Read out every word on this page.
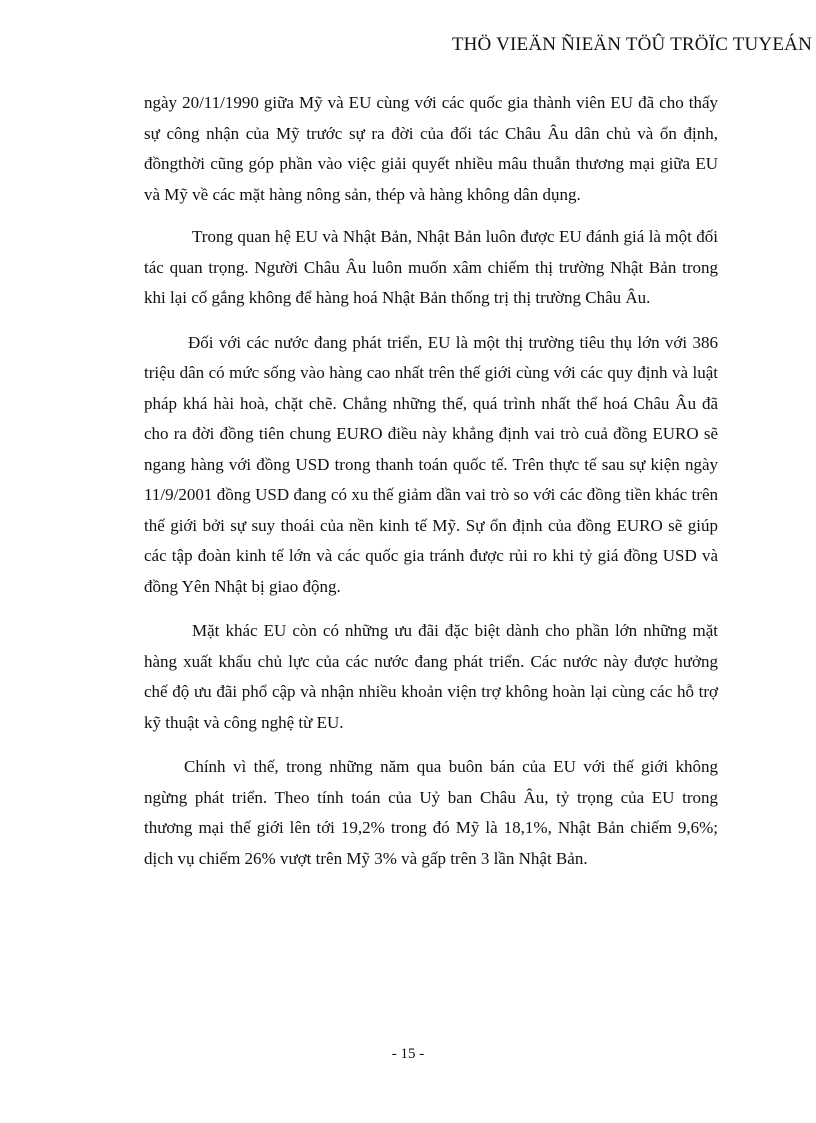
THÖ VIEÄN ÑIEÄN TÖÛ TRÖÏC TUYEÁN

ngày 20/11/1990 giữa Mỹ và EU cùng với các quốc gia thành viên EU đã cho thấy sự công nhận của Mỹ trước sự ra đời của đối tác Châu Âu dân chủ và ổn định, đồngthời cũng góp phần vào việc giải quyết nhiều mâu thuẫn thương mại giữa EU và Mỹ về các mặt hàng nông sản, thép và hàng không dân dụng.

Trong quan hệ EU và Nhật Bản, Nhật Bản luôn được EU đánh giá là một đối tác quan trọng. Người Châu Âu luôn muốn xâm chiếm thị trường Nhật Bản trong khi lại cố gắng không để hàng hoá Nhật Bản thống trị thị trường Châu Âu.

Đối với các nước đang phát triển, EU là một thị trường tiêu thụ lớn với 386 triệu dân có mức sống vào hàng cao nhất trên thế giới cùng với các quy định và luật pháp khá hài hoà, chặt chẽ. Chẳng những thế, quá trình nhất thể hoá Châu Âu đã cho ra đời đồng tiên chung EURO điều này khẳng định vai trò cuả đồng EURO sẽ ngang hàng với đồng USD trong thanh toán quốc tế. Trên thực tế sau sự kiện ngày 11/9/2001 đồng USD đang có xu thế giảm dần vai trò so với các đồng tiền khác trên thế giới bởi sự suy thoái của nền kinh tế Mỹ. Sự ổn định của đồng EURO sẽ giúp các tập đoàn kinh tế lớn và các quốc gia tránh được rủi ro khi tỷ giá đồng USD và đồng Yên Nhật bị giao động.

Mặt khác EU còn có những ưu đãi đặc biệt dành cho phần lớn những mặt hàng xuất khẩu chủ lực của các nước đang phát triển. Các nước này được hưởng chế độ ưu đãi phổ cập và nhận nhiều khoản viện trợ không hoàn lại cùng các hỗ trợ kỹ thuật và công nghệ từ EU.

Chính vì thế, trong những năm qua buôn bán của EU với thế giới không ngừng phát triển. Theo tính toán của Uỷ ban Châu Âu, tỷ trọng của EU trong thương mại thế giới lên tới 19,2% trong đó Mỹ là 18,1%, Nhật Bản chiếm 9,6%; dịch vụ chiếm 26% vượt trên Mỹ 3% và gấp trên 3 lần Nhật Bản.

- 15 -
